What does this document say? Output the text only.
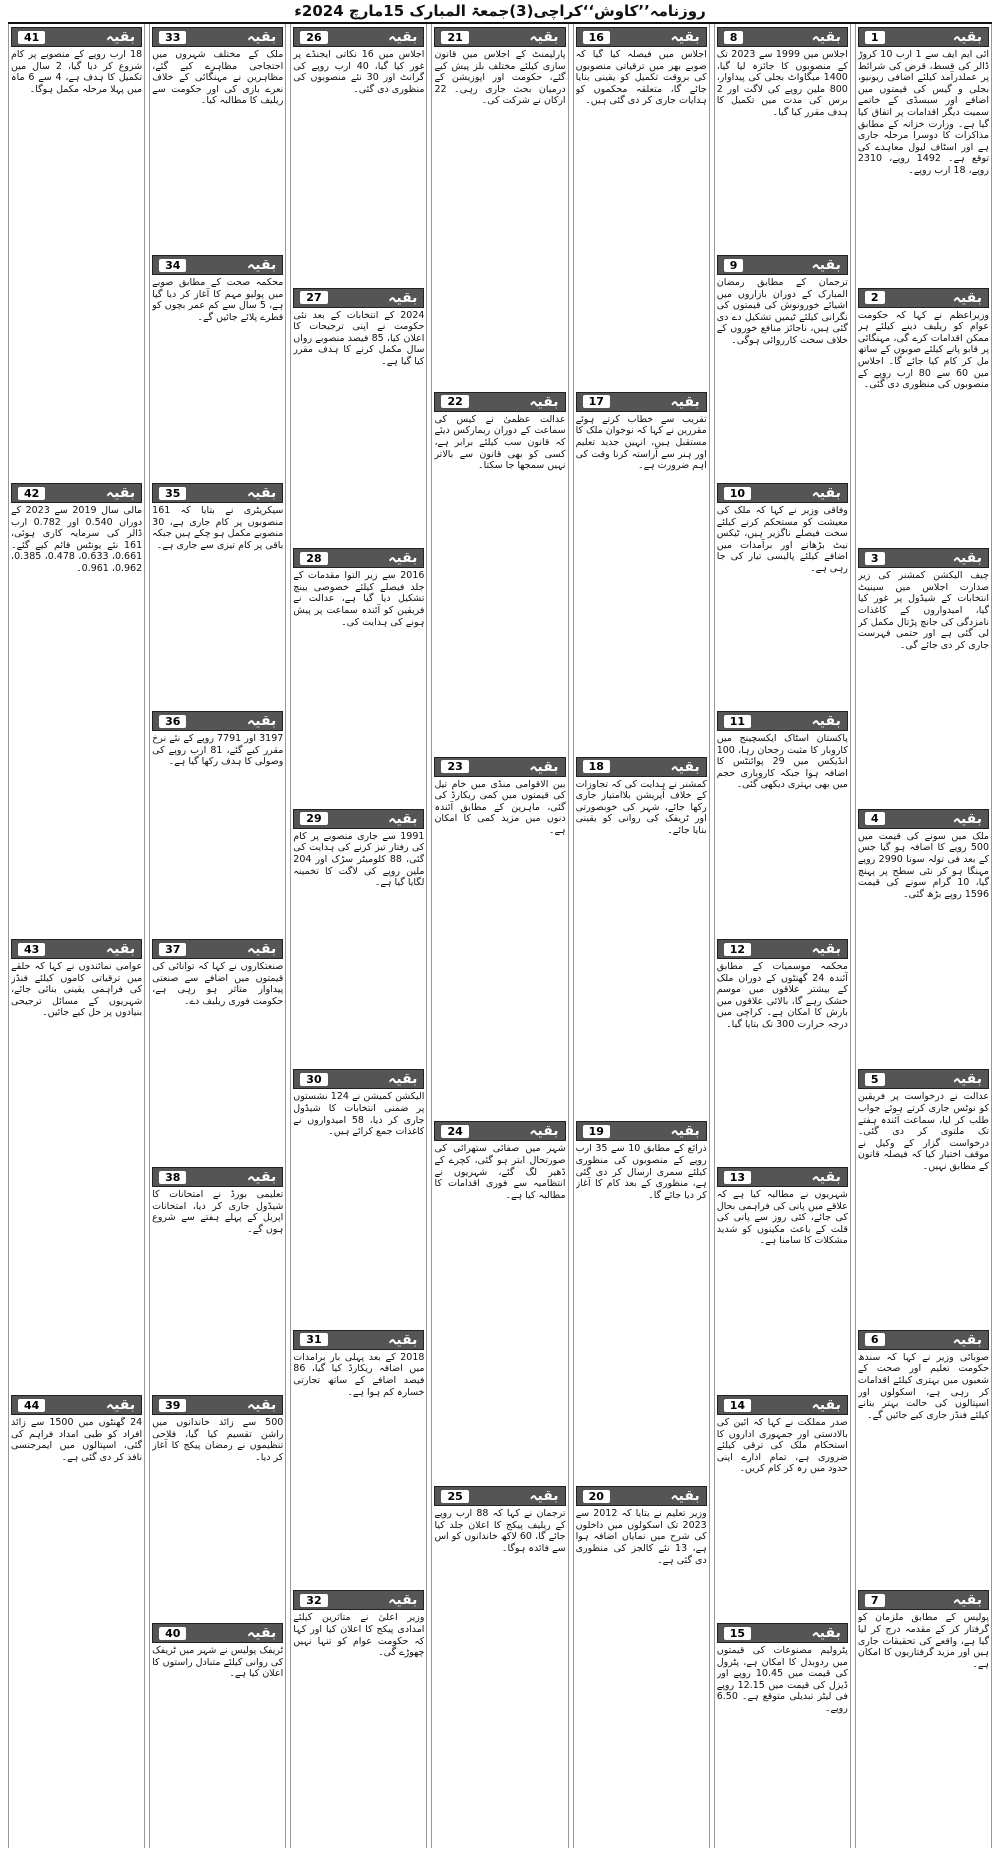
روزنامہ’’کاوش‘‘کراچی(3)جمعۃ المبارک 15مارچ 2024ء
1	بقیہ
آئی ایم ایف سے 1 ارب 10 کروڑ ڈالر کی قسط، قرض کی شرائط پر عملدرآمد کیلئے اضافی ریونیو، بجلی و گیس کی قیمتوں میں اضافے اور سبسڈی کے خاتمے سمیت دیگر اقدامات پر اتفاق کیا گیا ہے۔ وزارت خزانہ کے مطابق مذاکرات کا دوسرا مرحلہ جاری ہے اور اسٹاف لیول معاہدے کی توقع ہے۔ 1492 روپے، 2310 روپے، 18 ارب روپے۔
2	بقیہ
وزیراعظم نے کہا کہ حکومت عوام کو ریلیف دینے کیلئے ہر ممکن اقدامات کرے گی، مہنگائی پر قابو پانے کیلئے صوبوں کے ساتھ مل کر کام کیا جائے گا۔ اجلاس میں 60 سے 80 ارب روپے کے منصوبوں کی منظوری دی گئی۔
3	بقیہ
چیف الیکشن کمشنر کی زیر صدارت اجلاس میں سینیٹ انتخابات کے شیڈول پر غور کیا گیا، امیدواروں کے کاغذات نامزدگی کی جانچ پڑتال مکمل کر لی گئی ہے اور حتمی فہرست جاری کر دی جائے گی۔
4	بقیہ
ملک میں سونے کی قیمت میں 500 روپے کا اضافہ ہو گیا جس کے بعد فی تولہ سونا 2990 روپے مہنگا ہو کر نئی سطح پر پہنچ گیا، 10 گرام سونے کی قیمت 1596 روپے بڑھ گئی۔
5	بقیہ
عدالت نے درخواست پر فریقین کو نوٹس جاری کرتے ہوئے جواب طلب کر لیا، سماعت آئندہ ہفتے تک ملتوی کر دی گئی۔ درخواست گزار کے وکیل نے موقف اختیار کیا کہ فیصلہ قانون کے مطابق نہیں۔
6	بقیہ
صوبائی وزیر نے کہا کہ سندھ حکومت تعلیم اور صحت کے شعبوں میں بہتری کیلئے اقدامات کر رہی ہے، اسکولوں اور اسپتالوں کی حالت بہتر بنانے کیلئے فنڈز جاری کیے جائیں گے۔
7	بقیہ
پولیس کے مطابق ملزمان کو گرفتار کر کے مقدمہ درج کر لیا گیا ہے، واقعے کی تحقیقات جاری ہیں اور مزید گرفتاریوں کا امکان ہے۔
8	بقیہ
اجلاس میں 1999 سے 2023 تک کے منصوبوں کا جائزہ لیا گیا، 1400 میگاواٹ بجلی کی پیداوار، 800 ملین روپے کی لاگت اور 2 برس کی مدت میں تکمیل کا ہدف مقرر کیا گیا۔
9	بقیہ
ترجمان کے مطابق رمضان المبارک کے دوران بازاروں میں اشیائے خورونوش کی قیمتوں کی نگرانی کیلئے ٹیمیں تشکیل دے دی گئی ہیں، ناجائز منافع خوروں کے خلاف سخت کارروائی ہوگی۔
10	بقیہ
وفاقی وزیر نے کہا کہ ملک کی معیشت کو مستحکم کرنے کیلئے سخت فیصلے ناگزیر ہیں، ٹیکس نیٹ بڑھانے اور برآمدات میں اضافے کیلئے پالیسی تیار کی جا رہی ہے۔
11	بقیہ
پاکستان اسٹاک ایکسچینج میں کاروبار کا مثبت رجحان رہا، 100 انڈیکس میں 29 پوائنٹس کا اضافہ ہوا جبکہ کاروباری حجم میں بھی بہتری دیکھی گئی۔
12	بقیہ
محکمہ موسمیات کے مطابق آئندہ 24 گھنٹوں کے دوران ملک کے بیشتر علاقوں میں موسم خشک رہے گا، بالائی علاقوں میں بارش کا امکان ہے۔ کراچی میں درجہ حرارت 300 تک بتایا گیا۔
13	بقیہ
شہریوں نے مطالبہ کیا ہے کہ علاقے میں پانی کی فراہمی بحال کی جائے، کئی روز سے پانی کی قلت کے باعث مکینوں کو شدید مشکلات کا سامنا ہے۔
14	بقیہ
صدر مملکت نے کہا کہ آئین کی بالادستی اور جمہوری اداروں کا استحکام ملک کی ترقی کیلئے ضروری ہے، تمام ادارے اپنی حدود میں رہ کر کام کریں۔
15	بقیہ
پٹرولیم مصنوعات کی قیمتوں میں ردوبدل کا امکان ہے، پٹرول کی قیمت میں 10.45 روپے اور ڈیزل کی قیمت میں 12.15 روپے فی لیٹر تبدیلی متوقع ہے۔ 6.50 روپے۔
16	بقیہ
اجلاس میں فیصلہ کیا گیا کہ صوبے بھر میں ترقیاتی منصوبوں کی بروقت تکمیل کو یقینی بنایا جائے گا، متعلقہ محکموں کو ہدایات جاری کر دی گئی ہیں۔
17	بقیہ
تقریب سے خطاب کرتے ہوئے مقررین نے کہا کہ نوجوان ملک کا مستقبل ہیں، انہیں جدید تعلیم اور ہنر سے آراستہ کرنا وقت کی اہم ضرورت ہے۔
18	بقیہ
کمشنر نے ہدایت کی کہ تجاوزات کے خلاف آپریشن بلاامتیاز جاری رکھا جائے، شہر کی خوبصورتی اور ٹریفک کی روانی کو یقینی بنایا جائے۔
19	بقیہ
ذرائع کے مطابق 10 سے 35 ارب روپے کے منصوبوں کی منظوری کیلئے سمری ارسال کر دی گئی ہے، منظوری کے بعد کام کا آغاز کر دیا جائے گا۔
20	بقیہ
وزیر تعلیم نے بتایا کہ 2012 سے 2023 تک اسکولوں میں داخلوں کی شرح میں نمایاں اضافہ ہوا ہے، 13 نئے کالجز کی منظوری دی گئی ہے۔
21	بقیہ
پارلیمنٹ کے اجلاس میں قانون سازی کیلئے مختلف بلز پیش کیے گئے، حکومت اور اپوزیشن کے درمیان بحث جاری رہی۔ 22 ارکان نے شرکت کی۔
22	بقیہ
عدالت عظمیٰ نے کیس کی سماعت کے دوران ریمارکس دیئے کہ قانون سب کیلئے برابر ہے، کسی کو بھی قانون سے بالاتر نہیں سمجھا جا سکتا۔
23	بقیہ
بین الاقوامی منڈی میں خام تیل کی قیمتوں میں کمی ریکارڈ کی گئی، ماہرین کے مطابق آئندہ دنوں میں مزید کمی کا امکان ہے۔
24	بقیہ
شہر میں صفائی ستھرائی کی صورتحال ابتر ہو گئی، کچرے کے ڈھیر لگ گئے، شہریوں نے انتظامیہ سے فوری اقدامات کا مطالبہ کیا ہے۔
25	بقیہ
ترجمان نے کہا کہ 88 ارب روپے کے ریلیف پیکج کا اعلان جلد کیا جائے گا، 60 لاکھ خاندانوں کو اس سے فائدہ ہوگا۔
26	بقیہ
اجلاس میں 16 نکاتی ایجنڈے پر غور کیا گیا، 40 ارب روپے کی گرانٹ اور 30 نئے منصوبوں کی منظوری دی گئی۔
27	بقیہ
2024 کے انتخابات کے بعد نئی حکومت نے اپنی ترجیحات کا اعلان کیا، 85 فیصد منصوبے رواں سال مکمل کرنے کا ہدف مقرر کیا گیا ہے۔
28	بقیہ
2016 سے زیر التوا مقدمات کے جلد فیصلے کیلئے خصوصی بینچ تشکیل دیا گیا ہے، عدالت نے فریقین کو آئندہ سماعت پر پیش ہونے کی ہدایت کی۔
29	بقیہ
1991 سے جاری منصوبے پر کام کی رفتار تیز کرنے کی ہدایت کی گئی، 88 کلومیٹر سڑک اور 204 ملین روپے کی لاگت کا تخمینہ لگایا گیا ہے۔
30	بقیہ
الیکشن کمیشن نے 124 نشستوں پر ضمنی انتخابات کا شیڈول جاری کر دیا، 58 امیدواروں نے کاغذات جمع کرائے ہیں۔
31	بقیہ
2018 کے بعد پہلی بار برآمدات میں اضافہ ریکارڈ کیا گیا، 86 فیصد اضافے کے ساتھ تجارتی خسارہ کم ہوا ہے۔
32	بقیہ
وزیر اعلیٰ نے متاثرین کیلئے امدادی پیکج کا اعلان کیا اور کہا کہ حکومت عوام کو تنہا نہیں چھوڑے گی۔
33	بقیہ
ملک کے مختلف شہروں میں احتجاجی مظاہرے کیے گئے، مظاہرین نے مہنگائی کے خلاف نعرے بازی کی اور حکومت سے ریلیف کا مطالبہ کیا۔
34	بقیہ
محکمہ صحت کے مطابق صوبے میں پولیو مہم کا آغاز کر دیا گیا ہے، 5 سال سے کم عمر بچوں کو قطرے پلائے جائیں گے۔
35	بقیہ
سیکریٹری نے بتایا کہ 161 منصوبوں پر کام جاری ہے، 30 منصوبے مکمل ہو چکے ہیں جبکہ باقی پر کام تیزی سے جاری ہے۔
36	بقیہ
3197 اور 7791 روپے کے نئے نرخ مقرر کیے گئے، 81 ارب روپے کی وصولی کا ہدف رکھا گیا ہے۔
37	بقیہ
صنعتکاروں نے کہا کہ توانائی کی قیمتوں میں اضافے سے صنعتی پیداوار متاثر ہو رہی ہے، حکومت فوری ریلیف دے۔
38	بقیہ
تعلیمی بورڈ نے امتحانات کا شیڈول جاری کر دیا، امتحانات اپریل کے پہلے ہفتے سے شروع ہوں گے۔
39	بقیہ
500 سے زائد خاندانوں میں راشن تقسیم کیا گیا، فلاحی تنظیموں نے رمضان پیکج کا آغاز کر دیا۔
40	بقیہ
ٹریفک پولیس نے شہر میں ٹریفک کی روانی کیلئے متبادل راستوں کا اعلان کیا ہے۔
41	بقیہ
18 ارب روپے کے منصوبے پر کام شروع کر دیا گیا، 2 سال میں تکمیل کا ہدف ہے، 4 سے 6 ماہ میں پہلا مرحلہ مکمل ہوگا۔
42	بقیہ
مالی سال 2019 سے 2023 کے دوران 0.540 اور 0.782 ارب ڈالر کی سرمایہ کاری ہوئی، 161 نئے یونٹس قائم کیے گئے۔ 0.661، 0.633، 0.478، 0.385، 0.962، 0.961۔
43	بقیہ
عوامی نمائندوں نے کہا کہ حلقے میں ترقیاتی کاموں کیلئے فنڈز کی فراہمی یقینی بنائی جائے، شہریوں کے مسائل ترجیحی بنیادوں پر حل کیے جائیں۔
44	بقیہ
24 گھنٹوں میں 1500 سے زائد افراد کو طبی امداد فراہم کی گئی، اسپتالوں میں ایمرجنسی نافذ کر دی گئی ہے۔
